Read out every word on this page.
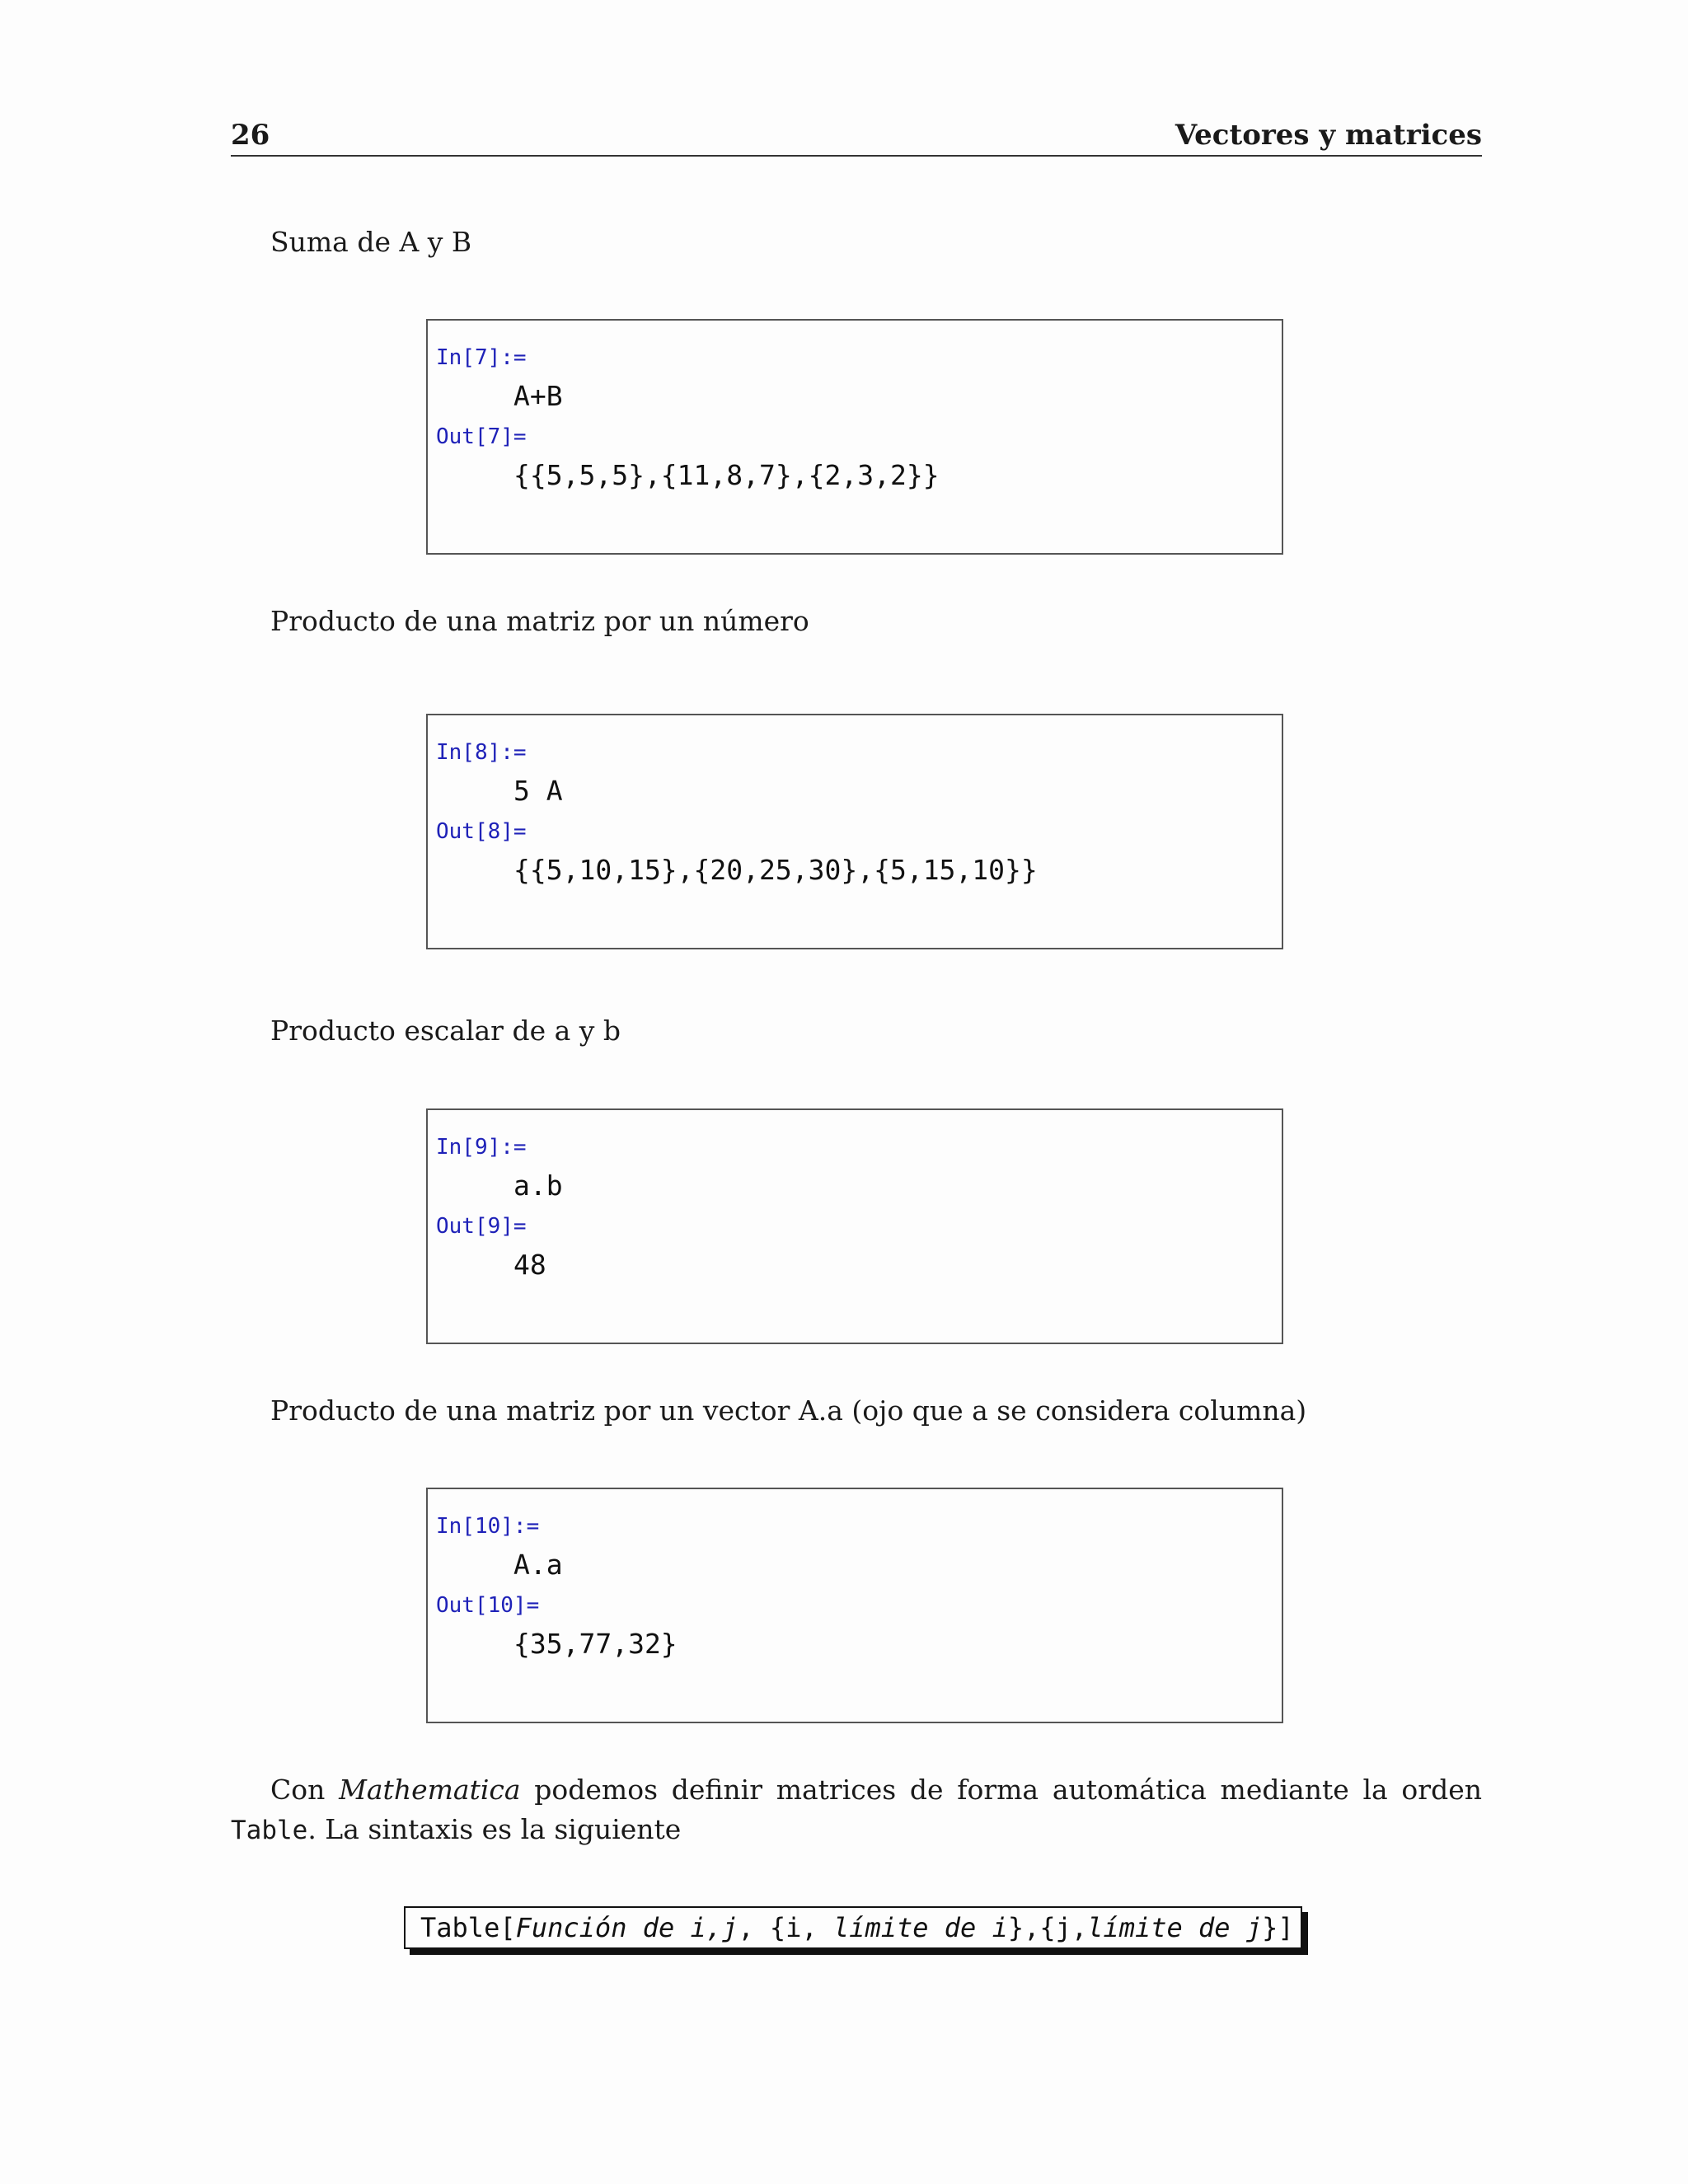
26	Vectores y matrices

Suma de A y B

In[7]:=
A+B
Out[7]=
{{5,5,5},{11,8,7},{2,3,2}}

Producto de una matriz por un número

In[8]:=
5 A
Out[8]=
{{5,10,15},{20,25,30},{5,15,10}}

Producto escalar de a y b

In[9]:=
a.b
Out[9]=
48

Producto de una matriz por un vector A.a (ojo que a se considera columna)

In[10]:=
A.a
Out[10]=
{35,77,32}

Con Mathematica podemos definir matrices de forma automática mediante la orden Table. La sintaxis es la siguiente

Table[Función de i,j, {i, límite de i},{j,límite de j}]
